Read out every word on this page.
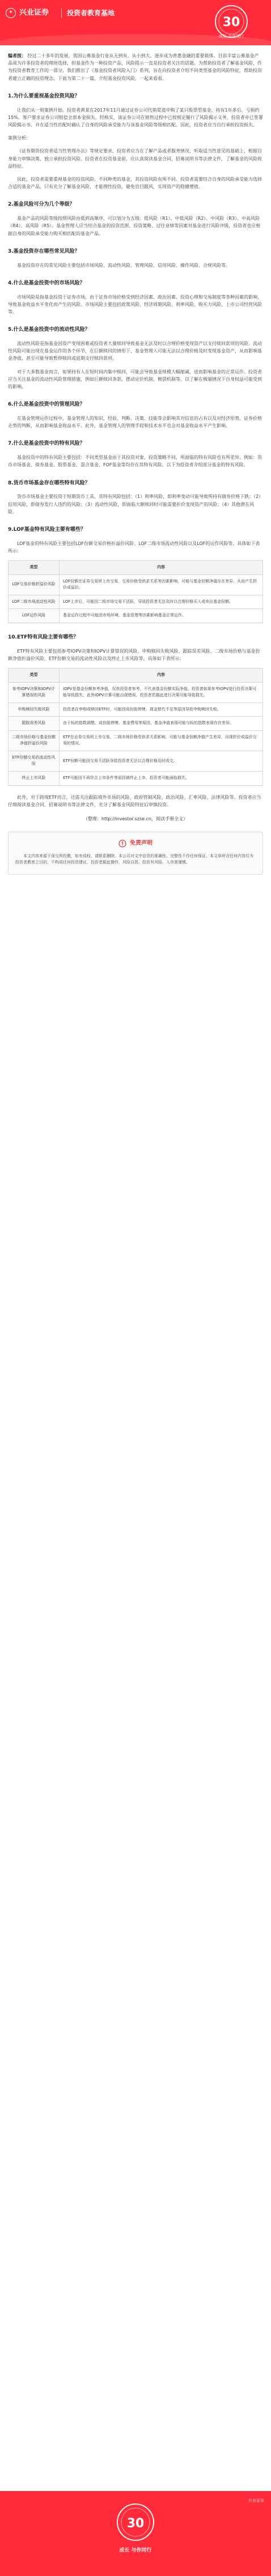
✦ 兴业证券	投资者教育基地
30
成长 与你同行
编者按： 经过二十多年的发展，我国公募基金行业从无到有、从小到大，逐步成为普惠金融的重要载体。目前丰富公募基金产品成为许多投资者的理财选择，但基金作为一种投资产品，风险提示一直是投资者关注的话题。为帮助投资者了解基金风险，作为投资者教育工作的一部分，我们推出了《基金投资者风险入门》系列，旨在向投资者介绍不同类型基金的风险特征，帮助投资者建立正确的投资理念。下面为第二十一篇，介绍基金投资风险，一起来看看。
1.为什么要重视基金投资风险？
让我们从一则案例开始。投资者黄某在2017年11月通过证券公司代销渠道申购了某只股票型基金，持有1年多后，亏损约15%。客户要求证券公司赔偿全部本金损失。经核实，该证券公司在销售过程中已按规定履行了风险揭示义务，投资者亦已签署风险揭示书、并在适当性匹配时确认了自身的风险承受能力与该基金风险等级相匹配。因此，投资者应当自行承担投资损失。
案例分析：
《证券期货投资者适当性管理办法》等规定要求，投资者应当在了解产品或者服务情况，听取适当性意见的基础上，根据自身能力审慎决策，独立承担投资风险。投资者在投资基金前，应认真阅读基金合同、招募说明书等法律文件，了解基金的风险收益特征。
因此，投资者需要重视基金的投资风险。不同种类的基金，其投资风险有所不同。投资者需要结合自身的风险承受能力选择合适的基金产品。只有充分了解基金风险，才能理性投资，避免盲目跟风，实现资产的稳健增值。
2.基金风险可分为几个等级？
基金产品的风险等级按照风险由低到高顺序，可以划分为五级：低风险（R1）、中低风险（R2）、中风险（R3）、中高风险（R4）、高风险（R5）。基金管理人应当结合基金的投资范围、投资策略、过往业绩等因素对基金进行风险评级，投资者也应根据自身的风险承受能力购买相匹配的基金产品。
3.基金投资存在哪些常见风险？
基金投资存在的常见风险主要包括市场风险、流动性风险、管理风险、信用风险、操作风险、合规风险等。
4.什么是基金投资中的市场风险？
市场风险是指基金投资于证券市场，由于证券市场价格受到经济因素、政治因素、投资心理和交易制度等各种因素的影响，导致基金收益水平变化而产生的风险。市场风险主要包括政策风险、经济周期风险、利率风险、购买力风险、上市公司经营风险等。
5.什么是基金投资中的流动性风险？
流动性风险是指基金因资产变现困难或投资者大量赎回导致基金无法及时以合理价格变现资产以支付赎回款项的风险。流动性风险可能出现在基金运作的各个环节，在巨额赎回的情形下，基金管理人可能无法以合理价格及时变现基金资产，从而影响基金净值，甚至可能导致暂停赎回或延期支付赎回款项。
对于大多数基金而言，如果持有人在短时间内集中赎回，可能会导致基金规模大幅缩减，进而影响基金的正常运作。投资者应当关注基金的流动性风险管理措施，例如巨额赎回条款、摆动定价机制、侧袋机制等，以了解在极端情况下自身权益可能受到的影响。
6.什么是基金投资中的管理风险？
在基金管理运作过程中，基金管理人的知识、经验、判断、决策、技能等会影响其对信息的占有以及对经济形势、证券价格走势的判断，从而影响基金收益水平。此外，基金管理人的管理手段和技术水平也会对基金收益水平产生影响。
7.什么是基金投资中的特有风险？
基金投资中的特有风险主要包括：不同类型基金由于其投资对象、投资策略不同，所面临的特有风险也有所差异。例如：货币市场基金、债券基金、股票基金、混合基金、FOF基金等均存在其特有风险。以下为投资者介绍部分基金的特有风险。
8.货币市场基金存在哪些特有风险？
货币市场基金主要投资于短期货币工具，其特有风险包括：（1）利率风险，即利率变动可能导致所持有债券价格下跌；（2）信用风险，即债券发行人违约的风险；（3）流动性风险，即面临大额赎回时可能需要折价变现资产的风险；（4）其他潜在风险。
9.LOF基金特有风险主要有哪些？
LOF基金的特有风险主要包括LOF份额交易价格折溢价风险、LOF二级市场流动性风险以及LOF的运作风险等，具体如下表所示：
类型	内容
LOF交易价格折溢价风险	LOF份额在证券交易所上市交易，交易价格受供求关系等因素影响，可能与基金份额净值存在差异，从而产生折价或溢价。
LOF二级市场流动性风险	LOF上市后，可能因二级市场交易不活跃，导致投资者无法及时以合理价格买入或卖出基金份额。
LOF运作风险	基金运作过程中可能因市场环境、基金管理等因素影响基金正常运作。
10.ETF特有风险主要有哪些？
ETF特有风险主要包括参考IOPV决策和IOPV计算错误的风险、申购赎回失败风险、跟踪误差风险、二级市场价格与基金份额净值折溢价风险、ETF份额交易的流动性风险以及终止上市风险等，具体如下表所示：
类型	内容
参考IOPV决策和IOPV计算错误的风险	IOPV是基金份额参考净值，仅供投资者参考，不代表基金份额实际净值。投资者如果参考IOPV进行投资决策可能导致损失，此外IOPV计算可能出现错误，投资者若据此进行决策可能导致损失。
申购赎回失败风险	投资者在申购或赎回ETF时，可能因成份股停牌、现金替代不足等原因导致申购赎回失败。
跟踪误差风险	由于标的指数调整、成份股停牌、基金费用等原因，基金净值表现可能与标的指数表现存在差异。
二级市场价格与基金份额净值折溢价风险	ETF在证券交易所上市交易，二级市场价格受供求关系影响，可能与基金份额净值产生差异，出现折价或溢价交易的情况。
ETF份额交易的流动性风险	ETF份额可能因交易不活跃导致投资者无法以合理价格及时成交。
终止上市风险	ETF可能因不再符合上市条件等原因被终止上市，投资者可能面临损失。
此外，对于跨境ETF而言，还需关注跟踪境外市场的风险、政府管制风险、政治风险、汇率风险、法律风险等。投资者应当仔细阅读基金合同、招募说明书等法律文件，充分了解基金风险特征后审慎投资。
（整理：http://investor.szse.cn，阅读手册全文）
免责声明
本文内容来源于深交所投教，如有侵权，请联系删除。本公司对文中信息的准确性、完整性不作任何保证。本文章所含任何内容仅为投资者教育之目的，不构成任何投资建议，投资者据此操作，风险自担。投资有风险，入市需谨慎。
兴业证券
30
成长 与你同行
